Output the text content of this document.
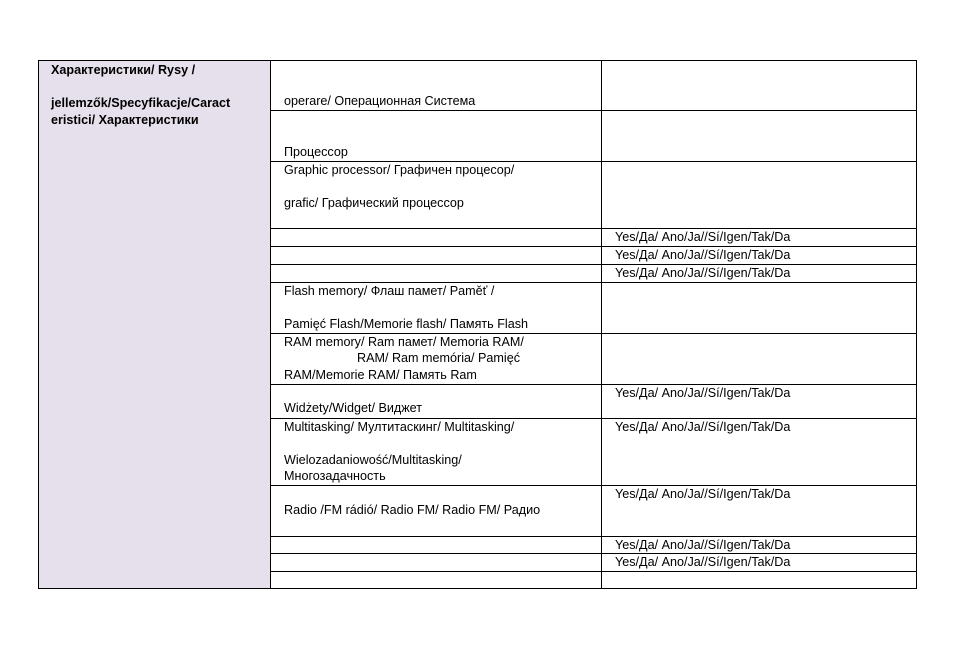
Характеристики/ Rysy /
jellemzők/Specyfikacje/Caract
eristici/ Характеристики	operare/ Операционная Система	

	Процессор	

	Graphic processor/ Графичен процесор/
grafic/ Графический процессор	

		Yes/Да/ Ano/Ja//Sí/Igen/Tak/Da

		Yes/Да/ Ano/Ja//Sí/Igen/Tak/Da

		Yes/Да/ Ano/Ja//Sí/Igen/Tak/Da

	Flash memory/ Флаш памет/ Paměť /
Pamięć Flash/Memorie flash/ Память Flash	

	RAM memory/ Ram памет/ Memoria RAM/
RAM/ Ram memória/ Pamięć
RAM/Memorie RAM/ Память Ram	

	Widżety/Widget/ Виджет	Yes/Да/ Ano/Ja//Sí/Igen/Tak/Da

	Multitasking/ Мултитаскинг/ Multitasking/
Wielozadaniowość/Multitasking/
Многозадачность	Yes/Да/ Ano/Ja//Sí/Igen/Tak/Da

	Radio /FM rádió/ Radio FM/ Radio FM/ Радио	Yes/Да/ Ano/Ja//Sí/Igen/Tak/Da

		Yes/Да/ Ano/Ja//Sí/Igen/Tak/Da

		Yes/Да/ Ano/Ja//Sí/Igen/Tak/Da
